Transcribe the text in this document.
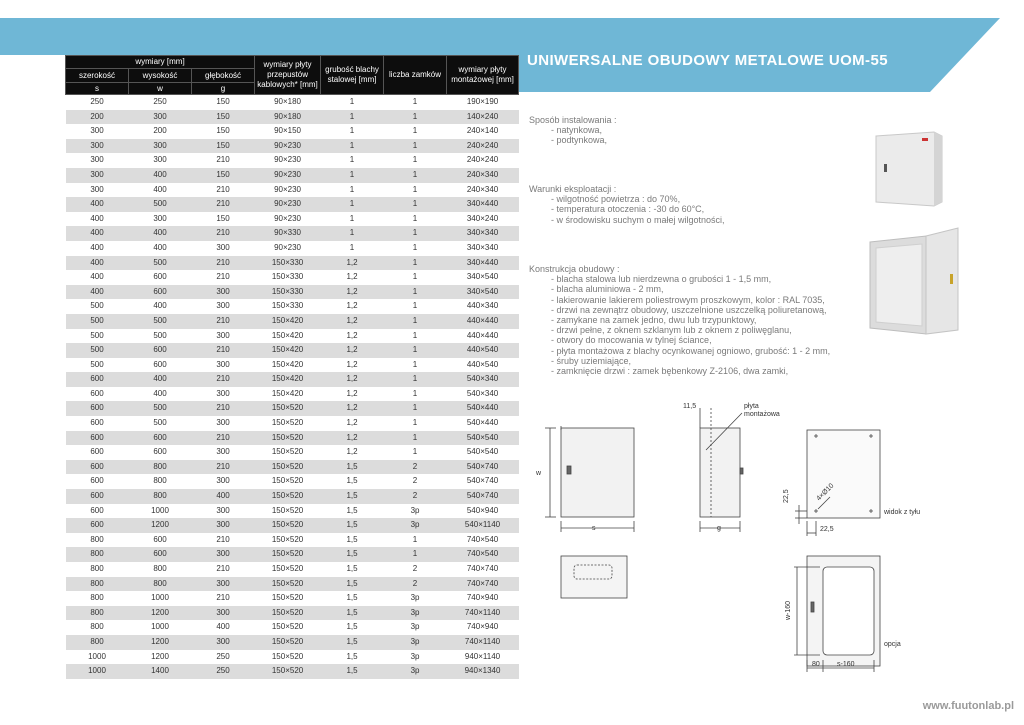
UNIWERSALNE OBUDOWY METALOWE UOM-55
wymiary [mm]			wymiary płyty przepustów kablowych* [mm]	grubość blachy stalowej [mm]	liczba zamków	wymiary płyty montażowej [mm]
szerokość	wysokość	głębokość				
s	w	g				
250	250	150	90×180	1	1	190×190
200	300	150	90×180	1	1	140×240
300	200	150	90×150	1	1	240×140
300	300	150	90×230	1	1	240×240
300	300	210	90×230	1	1	240×240
300	400	150	90×230	1	1	240×340
300	400	210	90×230	1	1	240×340
400	500	210	90×230	1	1	340×440
400	300	150	90×230	1	1	340×240
400	400	210	90×330	1	1	340×340
400	400	300	90×230	1	1	340×340
400	500	210	150×330	1,2	1	340×440
400	600	210	150×330	1,2	1	340×540
400	600	300	150×330	1,2	1	340×540
500	400	300	150×330	1,2	1	440×340
500	500	210	150×420	1,2	1	440×440
500	500	300	150×420	1,2	1	440×440
500	600	210	150×420	1,2	1	440×540
500	600	300	150×420	1,2	1	440×540
600	400	210	150×420	1,2	1	540×340
600	400	300	150×420	1,2	1	540×340
600	500	210	150×520	1,2	1	540×440
600	500	300	150×520	1,2	1	540×440
600	600	210	150×520	1,2	1	540×540
600	600	300	150×520	1,2	1	540×540
600	800	210	150×520	1,5	2	540×740
600	800	300	150×520	1,5	2	540×740
600	800	400	150×520	1,5	2	540×740
600	1000	300	150×520	1,5	3p	540×940
600	1200	300	150×520	1,5	3p	540×1140
800	600	210	150×520	1,5	1	740×540
800	600	300	150×520	1,5	1	740×540
800	800	210	150×520	1,5	2	740×740
800	800	300	150×520	1,5	2	740×740
800	1000	210	150×520	1,5	3p	740×940
800	1200	300	150×520	1,5	3p	740×1140
800	1000	400	150×520	1,5	3p	740×940
800	1200	300	150×520	1,5	3p	740×1140
1000	1200	250	150×520	1,5	3p	940×1140
1000	1400	250	150×520	1,5	3p	940×1340
Sposób instalowania :
- natynkowa,
- podtynkowa,
Warunki eksploatacji :
- wilgotność powietrza : do 70%,
- temperatura otoczenia : -30 do 60°C,
- w środowisku suchym o małej wilgotności,
Konstrukcja obudowy :
- blacha stalowa lub nierdzewna o grubości 1 - 1,5 mm,
- blacha aluminiowa - 2 mm,
- lakierowanie lakierem poliestrowym proszkowym, kolor : RAL 7035,
- drzwi na zewnątrz obudowy, uszczelnione uszczelką poliuretanową,
- zamykane na zamek jedno, dwu lub trzypunktowy,
- drzwi pełne, z oknem szklanym lub z oknem z poliwęglanu,
- otwory do mocowania w tylnej ściance,
- płyta montażowa z blachy ocynkowanej ogniowo, grubość: 1 - 2 mm,
- śruby uziemiające,
- zamknięcie drzwi : zamek bębenkowy Z-2106, dwa zamki,
w
s
11,5	płyta
montażowa
g
22,5	4×Ø10
22,5
widok z tyłu
w-160
80 s-160
opcja
www.fuutonlab.pl
